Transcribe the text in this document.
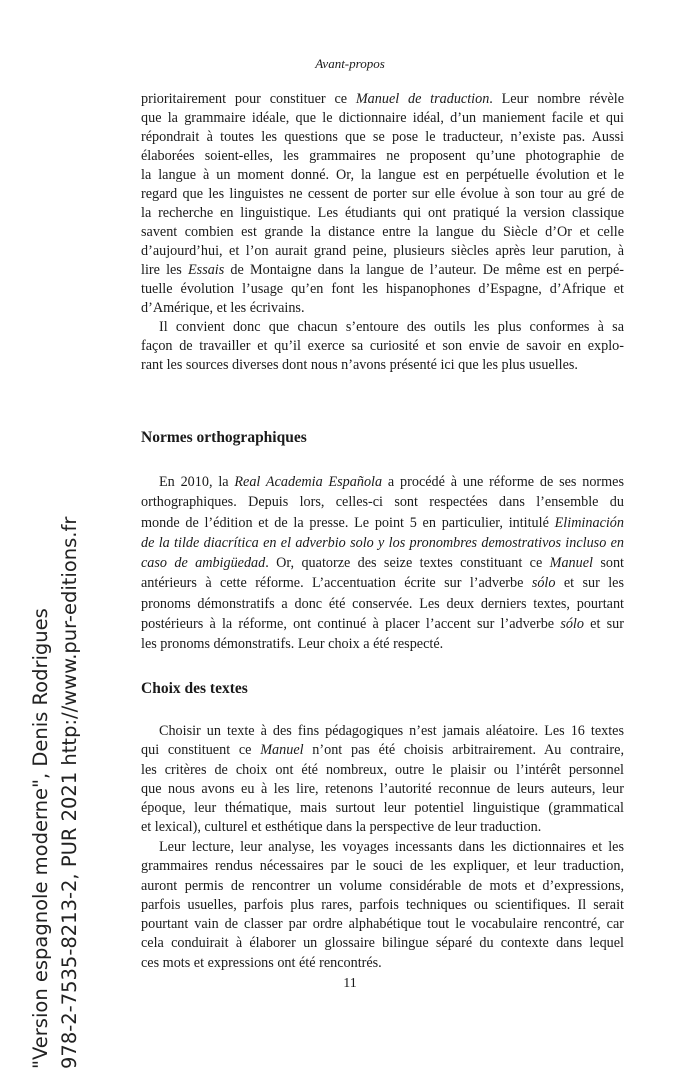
Avant-propos
prioritairement pour constituer ce Manuel de traduction. Leur nombre révèle
que la grammaire idéale, que le dictionnaire idéal, d’un maniement facile et qui
répondrait à toutes les questions que se pose le traducteur, n’existe pas. Aussi
élaborées soient-elles, les grammaires ne proposent qu’une photographie de
la langue à un moment donné. Or, la langue est en perpétuelle évolution et le
regard que les linguistes ne cessent de porter sur elle évolue à son tour au gré de
la recherche en linguistique. Les étudiants qui ont pratiqué la version classique
savent combien est grande la distance entre la langue du Siècle d’Or et celle
d’aujourd’hui, et l’on aurait grand peine, plusieurs siècles après leur parution, à
lire les Essais de Montaigne dans la langue de l’auteur. De même est en perpé-
tuelle évolution l’usage qu’en font les hispanophones d’Espagne, d’Afrique et
d’Amérique, et les écrivains.
Il convient donc que chacun s’entoure des outils les plus conformes à sa
façon de travailler et qu’il exerce sa curiosité et son envie de savoir en explo-
rant les sources diverses dont nous n’avons présenté ici que les plus usuelles.
Normes orthographiques
En 2010, la Real Academia Española a procédé à une réforme de ses normes
orthographiques. Depuis lors, celles-ci sont respectées dans l’ensemble du
monde de l’édition et de la presse. Le point 5 en particulier, intitulé Eliminación
de la tilde diacrítica en el adverbio solo y los pronombres demostrativos incluso en
caso de ambigüedad. Or, quatorze des seize textes constituant ce Manuel sont
antérieurs à cette réforme. L’accentuation écrite sur l’adverbe sólo et sur les
pronoms démonstratifs a donc été conservée. Les deux derniers textes, pourtant
postérieurs à la réforme, ont continué à placer l’accent sur l’adverbe sólo et sur
les pronoms démonstratifs. Leur choix a été respecté.
Choix des textes
Choisir un texte à des fins pédagogiques n’est jamais aléatoire. Les 16 textes
qui constituent ce Manuel n’ont pas été choisis arbitrairement. Au contraire,
les critères de choix ont été nombreux, outre le plaisir ou l’intérêt personnel
que nous avons eu à les lire, retenons l’autorité reconnue de leurs auteurs, leur
époque, leur thématique, mais surtout leur potentiel linguistique (grammatical
et lexical), culturel et esthétique dans la perspective de leur traduction.
Leur lecture, leur analyse, les voyages incessants dans les dictionnaires et les
grammaires rendus nécessaires par le souci de les expliquer, et leur traduction,
auront permis de rencontrer un volume considérable de mots et d’expressions,
parfois usuelles, parfois plus rares, parfois techniques ou scientifiques. Il serait
pourtant vain de classer par ordre alphabétique tout le vocabulaire rencontré, car
cela conduirait à élaborer un glossaire bilingue séparé du contexte dans lequel
ces mots et expressions ont été rencontrés.
11
"Version espagnole moderne", Denis Rodrigues 978-2-7535-8213-2, PUR 2021 http://www.pur-editions.fr
